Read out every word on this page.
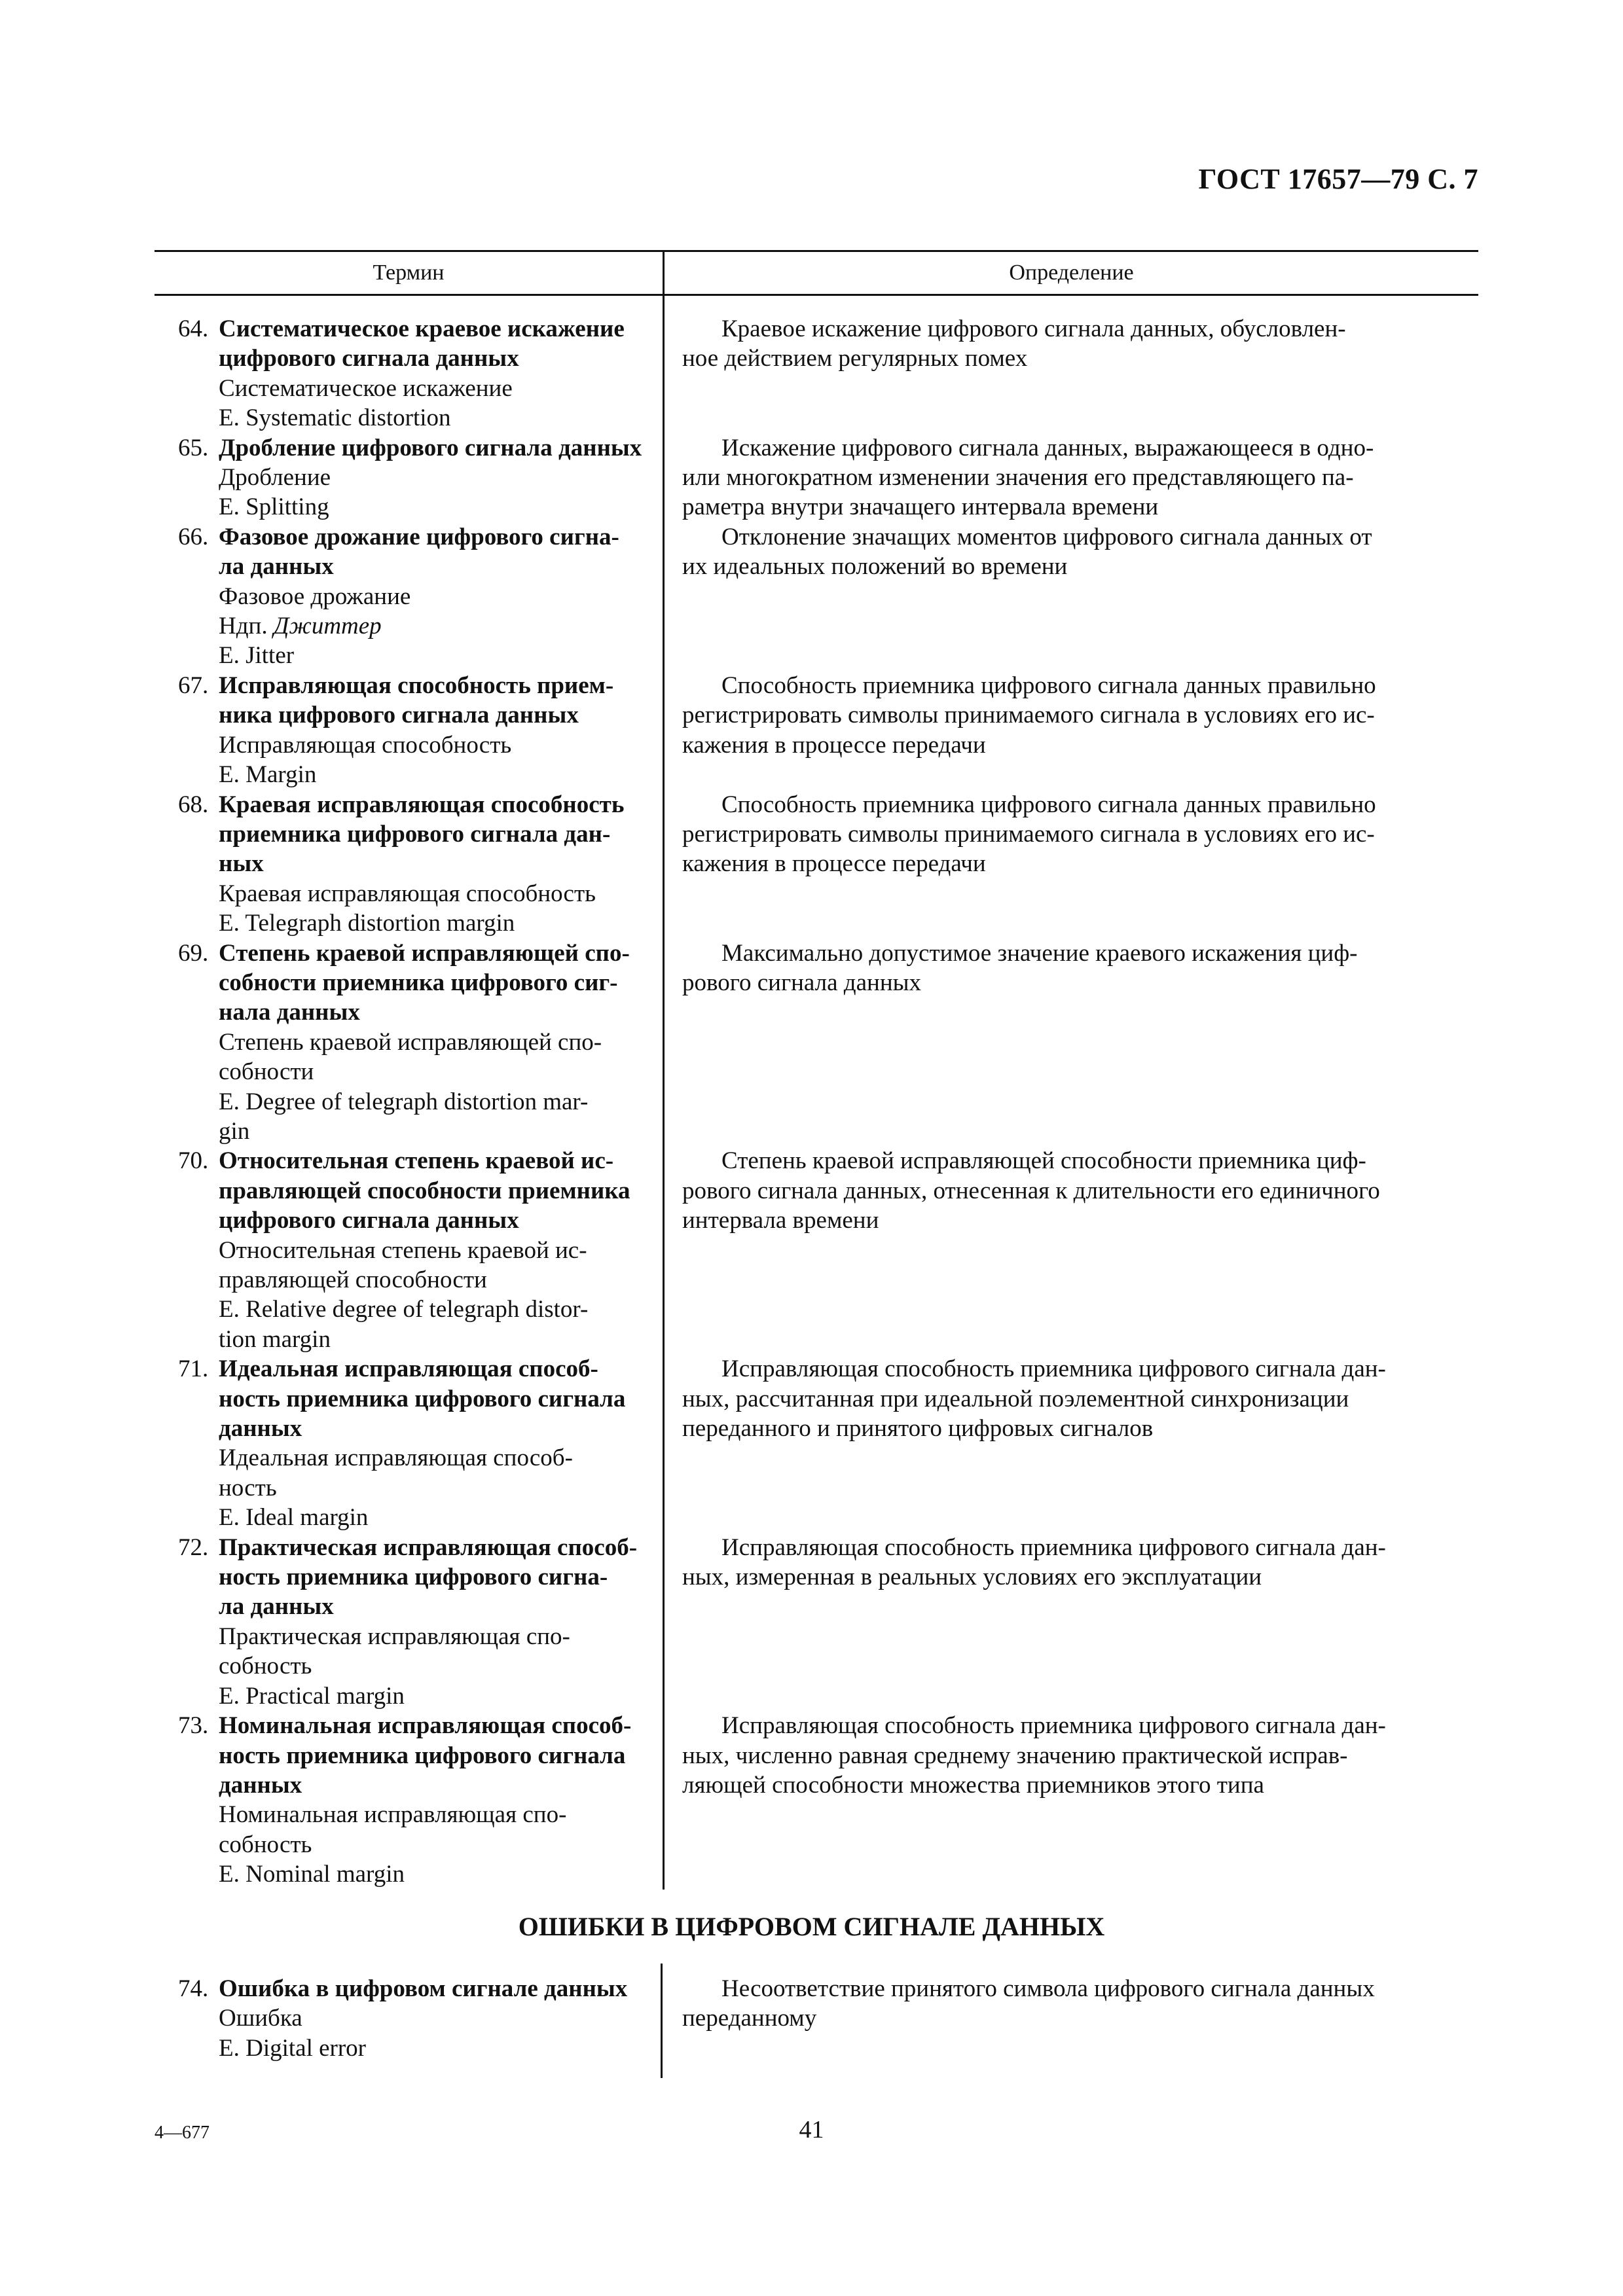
ГОСТ 17657—79 С. 7
Термин	Определение
64. Систематическое краевое искажение
цифрового сигнала данных
Систематическое искажение
E. Systematic distortion
Краевое искажение цифрового сигнала данных, обусловлен-
ное действием регулярных помех
65. Дробление цифрового сигнала данных
Дробление
E. Splitting
Искажение цифрового сигнала данных, выражающееся в одно-
или многократном изменении значения его представляющего па-
раметра внутри значащего интервала времени
66. Фазовое дрожание цифрового сигна-
ла данных
Фазовое дрожание
Ндп. Джиттер
E. Jitter
Отклонение значащих моментов цифрового сигнала данных от
их идеальных положений во времени
67. Исправляющая способность прием-
ника цифрового сигнала данных
Исправляющая способность
E. Margin
Способность приемника цифрового сигнала данных правильно
регистрировать символы принимаемого сигнала в условиях его ис-
кажения в процессе передачи
68. Краевая исправляющая способность
приемника цифрового сигнала дан-
ных
Краевая исправляющая способность
E. Telegraph distortion margin
Способность приемника цифрового сигнала данных правильно
регистрировать символы принимаемого сигнала в условиях его ис-
кажения в процессе передачи
69. Степень краевой исправляющей спо-
собности приемника цифрового сиг-
нала данных
Степень краевой исправляющей спо-
собности
E. Degree of telegraph distortion mar-
gin
Максимально допустимое значение краевого искажения циф-
рового сигнала данных
70. Относительная степень краевой ис-
правляющей способности приемника
цифрового сигнала данных
Относительная степень краевой ис-
правляющей способности
E. Relative degree of telegraph distor-
tion margin
Степень краевой исправляющей способности приемника циф-
рового сигнала данных, отнесенная к длительности его единичного
интервала времени
71. Идеальная исправляющая способ-
ность приемника цифрового сигнала
данных
Идеальная исправляющая способ-
ность
E. Ideal margin
Исправляющая способность приемника цифрового сигнала дан-
ных, рассчитанная при идеальной поэлементной синхронизации
переданного и принятого цифровых сигналов
72. Практическая исправляющая способ-
ность приемника цифрового сигна-
ла данных
Практическая исправляющая спо-
собность
E. Practical margin
Исправляющая способность приемника цифрового сигнала дан-
ных, измеренная в реальных условиях его эксплуатации
73. Номинальная исправляющая способ-
ность приемника цифрового сигнала
данных
Номинальная исправляющая спо-
собность
E. Nominal margin
Исправляющая способность приемника цифрового сигнала дан-
ных, численно равная среднему значению практической исправ-
ляющей способности множества приемников этого типа
ОШИБКИ В ЦИФРОВОМ СИГНАЛЕ ДАННЫХ
74. Ошибка в цифровом сигнале данных
Ошибка
E. Digital error
Несоответствие принятого символа цифрового сигнала данных
переданному
4—677	41
